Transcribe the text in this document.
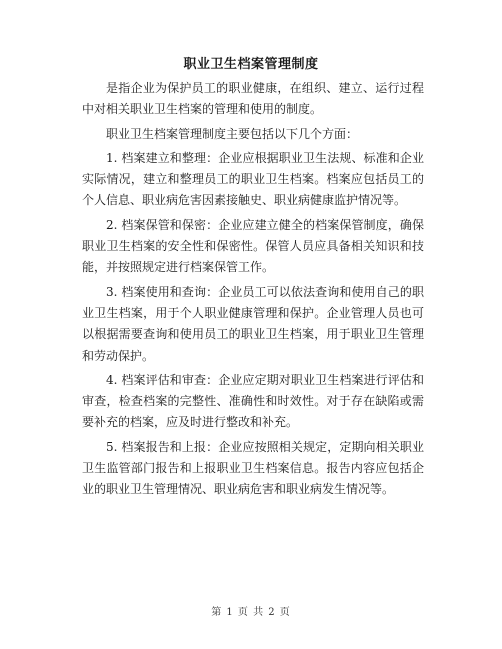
职业卫生档案管理制度

是指企业为保护员工的职业健康，在组织、建立、运行过程中对相关职业卫生档案的管理和使用的制度。

职业卫生档案管理制度主要包括以下几个方面：

1. 档案建立和整理：企业应根据职业卫生法规、标准和企业实际情况，建立和整理员工的职业卫生档案。档案应包括员工的个人信息、职业病危害因素接触史、职业病健康监护情况等。

2. 档案保管和保密：企业应建立健全的档案保管制度，确保职业卫生档案的安全性和保密性。保管人员应具备相关知识和技能，并按照规定进行档案保管工作。

3. 档案使用和查询：企业员工可以依法查询和使用自己的职业卫生档案，用于个人职业健康管理和保护。企业管理人员也可以根据需要查询和使用员工的职业卫生档案，用于职业卫生管理和劳动保护。

4. 档案评估和审查：企业应定期对职业卫生档案进行评估和审查，检查档案的完整性、准确性和时效性。对于存在缺陷或需要补充的档案，应及时进行整改和补充。

5. 档案报告和上报：企业应按照相关规定，定期向相关职业卫生监管部门报告和上报职业卫生档案信息。报告内容应包括企业的职业卫生管理情况、职业病危害和职业病发生情况等。

第 1 页 共 2 页
